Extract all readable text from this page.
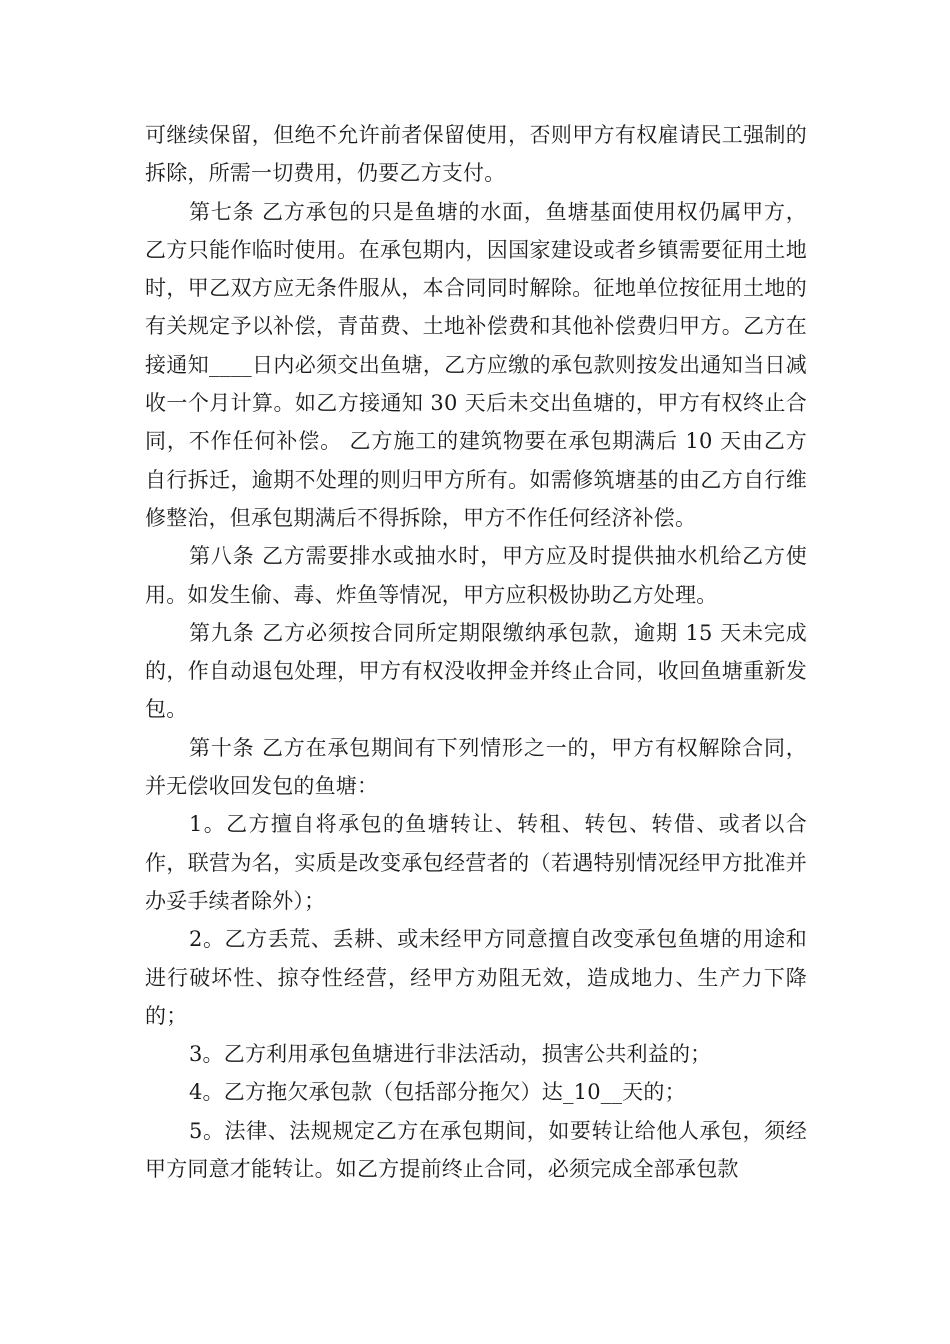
可继续保留，但绝不允许前者保留使用，否则甲方有权雇请民工强制的拆除，所需一切费用，仍要乙方支付。

第七条 乙方承包的只是鱼塘的水面，鱼塘基面使用权仍属甲方，乙方只能作临时使用。在承包期内，因国家建设或者乡镇需要征用土地时，甲乙双方应无条件服从，本合同同时解除。征地单位按征用土地的有关规定予以补偿，青苗费、土地补偿费和其他补偿费归甲方。乙方在接通知____日内必须交出鱼塘，乙方应缴的承包款则按发出通知当日减收一个月计算。如乙方接通知 30 天后未交出鱼塘的，甲方有权终止合同，不作任何补偿。 乙方施工的建筑物要在承包期满后 10 天由乙方自行拆迁，逾期不处理的则归甲方所有。如需修筑塘基的由乙方自行维修整治，但承包期满后不得拆除，甲方不作任何经济补偿。

第八条 乙方需要排水或抽水时，甲方应及时提供抽水机给乙方使用。如发生偷、毒、炸鱼等情况，甲方应积极协助乙方处理。

第九条 乙方必须按合同所定期限缴纳承包款，逾期 15 天未完成的，作自动退包处理，甲方有权没收押金并终止合同，收回鱼塘重新发包。

第十条 乙方在承包期间有下列情形之一的，甲方有权解除合同，并无偿收回发包的鱼塘：

1。乙方擅自将承包的鱼塘转让、转租、转包、转借、或者以合作，联营为名，实质是改变承包经营者的（若遇特别情况经甲方批准并办妥手续者除外）；

2。乙方丢荒、丢耕、或未经甲方同意擅自改变承包鱼塘的用途和进行破坏性、掠夺性经营，经甲方劝阻无效，造成地力、生产力下降的；

3。乙方利用承包鱼塘进行非法活动，损害公共利益的；

4。乙方拖欠承包款（包括部分拖欠）达_10__天的；

5。法律、法规规定乙方在承包期间，如要转让给他人承包，须经甲方同意才能转让。如乙方提前终止合同，必须完成全部承包款
